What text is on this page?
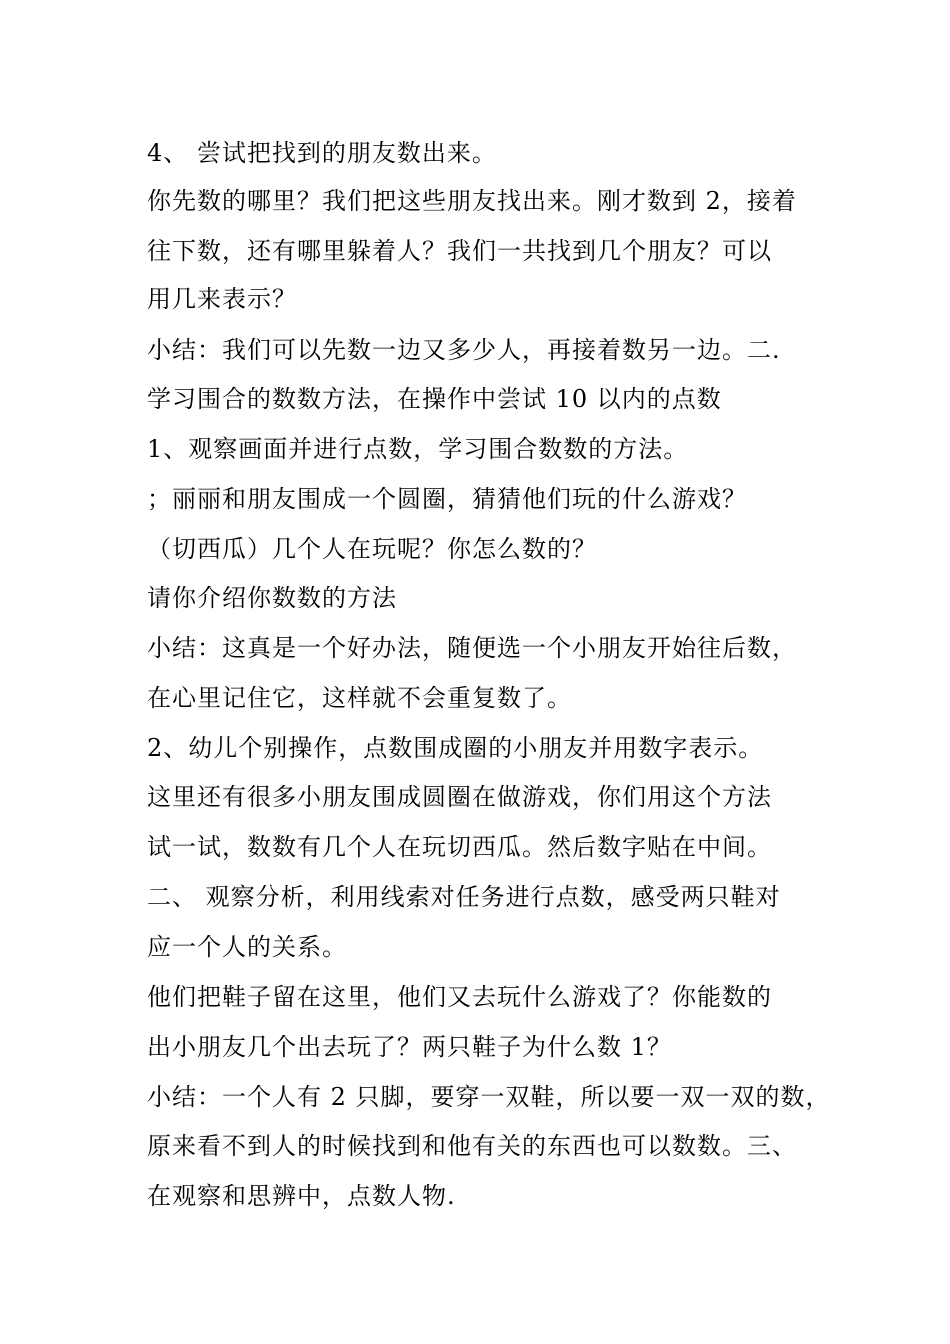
4、 尝试把找到的朋友数出来。
你先数的哪里？我们把这些朋友找出来。刚才数到 2，接着
往下数，还有哪里躲着人？我们一共找到几个朋友？可以
用几来表示？
小结：我们可以先数一边又多少人，再接着数另一边。二.
学习围合的数数方法，在操作中尝试 10 以内的点数
1、观察画面并进行点数，学习围合数数的方法。
；丽丽和朋友围成一个圆圈，猜猜他们玩的什么游戏？
（切西瓜）几个人在玩呢？你怎么数的？
请你介绍你数数的方法
小结：这真是一个好办法，随便选一个小朋友开始往后数，
在心里记住它，这样就不会重复数了。
2、幼儿个别操作，点数围成圈的小朋友并用数字表示。
这里还有很多小朋友围成圆圈在做游戏，你们用这个方法
试一试，数数有几个人在玩切西瓜。然后数字贴在中间。
二、 观察分析，利用线索对任务进行点数，感受两只鞋对
应一个人的关系。
他们把鞋子留在这里，他们又去玩什么游戏了？你能数的
出小朋友几个出去玩了？两只鞋子为什么数 1？
小结：一个人有 2 只脚，要穿一双鞋，所以要一双一双的数，
原来看不到人的时候找到和他有关的东西也可以数数。三、
在观察和思辨中，点数人物.
